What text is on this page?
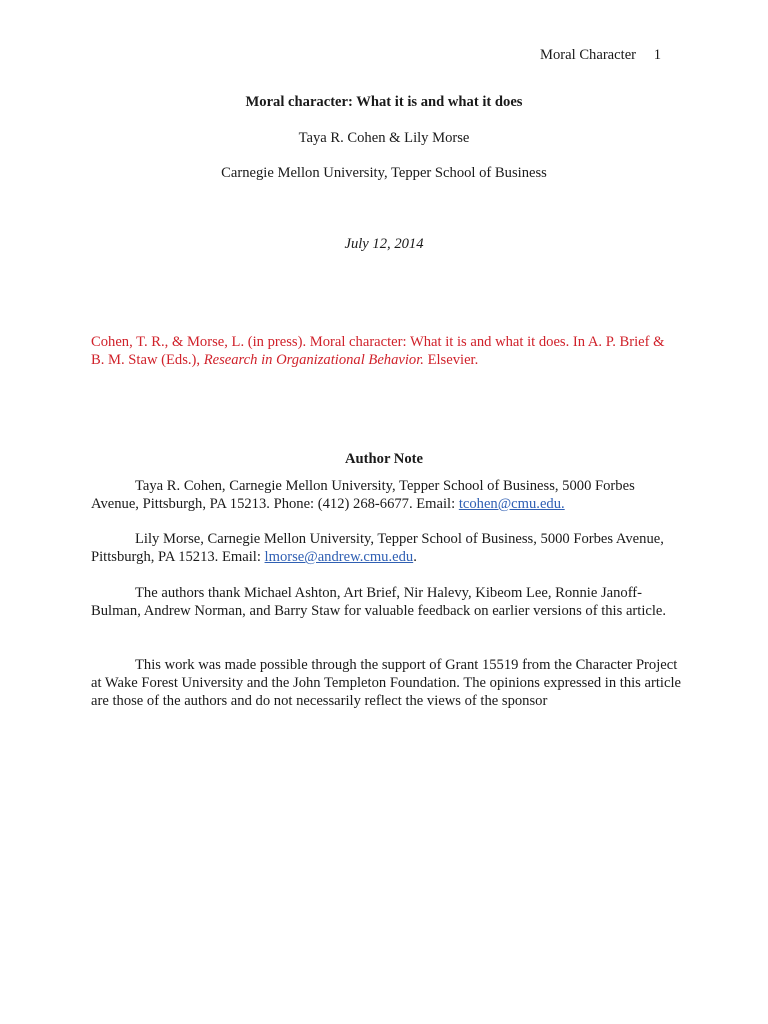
Moral Character 1
Moral character: What it is and what it does
Taya R. Cohen & Lily Morse
Carnegie Mellon University, Tepper School of Business
July 12, 2014
Cohen, T. R., & Morse, L. (in press). Moral character: What it is and what it does. In A. P. Brief & B. M. Staw (Eds.), Research in Organizational Behavior. Elsevier.
Author Note
Taya R. Cohen, Carnegie Mellon University, Tepper School of Business, 5000 Forbes Avenue, Pittsburgh, PA 15213. Phone: (412) 268-6677. Email: tcohen@cmu.edu.
Lily Morse, Carnegie Mellon University, Tepper School of Business, 5000 Forbes Avenue, Pittsburgh, PA 15213. Email: lmorse@andrew.cmu.edu.
The authors thank Michael Ashton, Art Brief, Nir Halevy, Kibeom Lee, Ronnie Janoff-Bulman, Andrew Norman, and Barry Staw for valuable feedback on earlier versions of this article.
This work was made possible through the support of Grant 15519 from the Character Project at Wake Forest University and the John Templeton Foundation. The opinions expressed in this article are those of the authors and do not necessarily reflect the views of the sponsor
